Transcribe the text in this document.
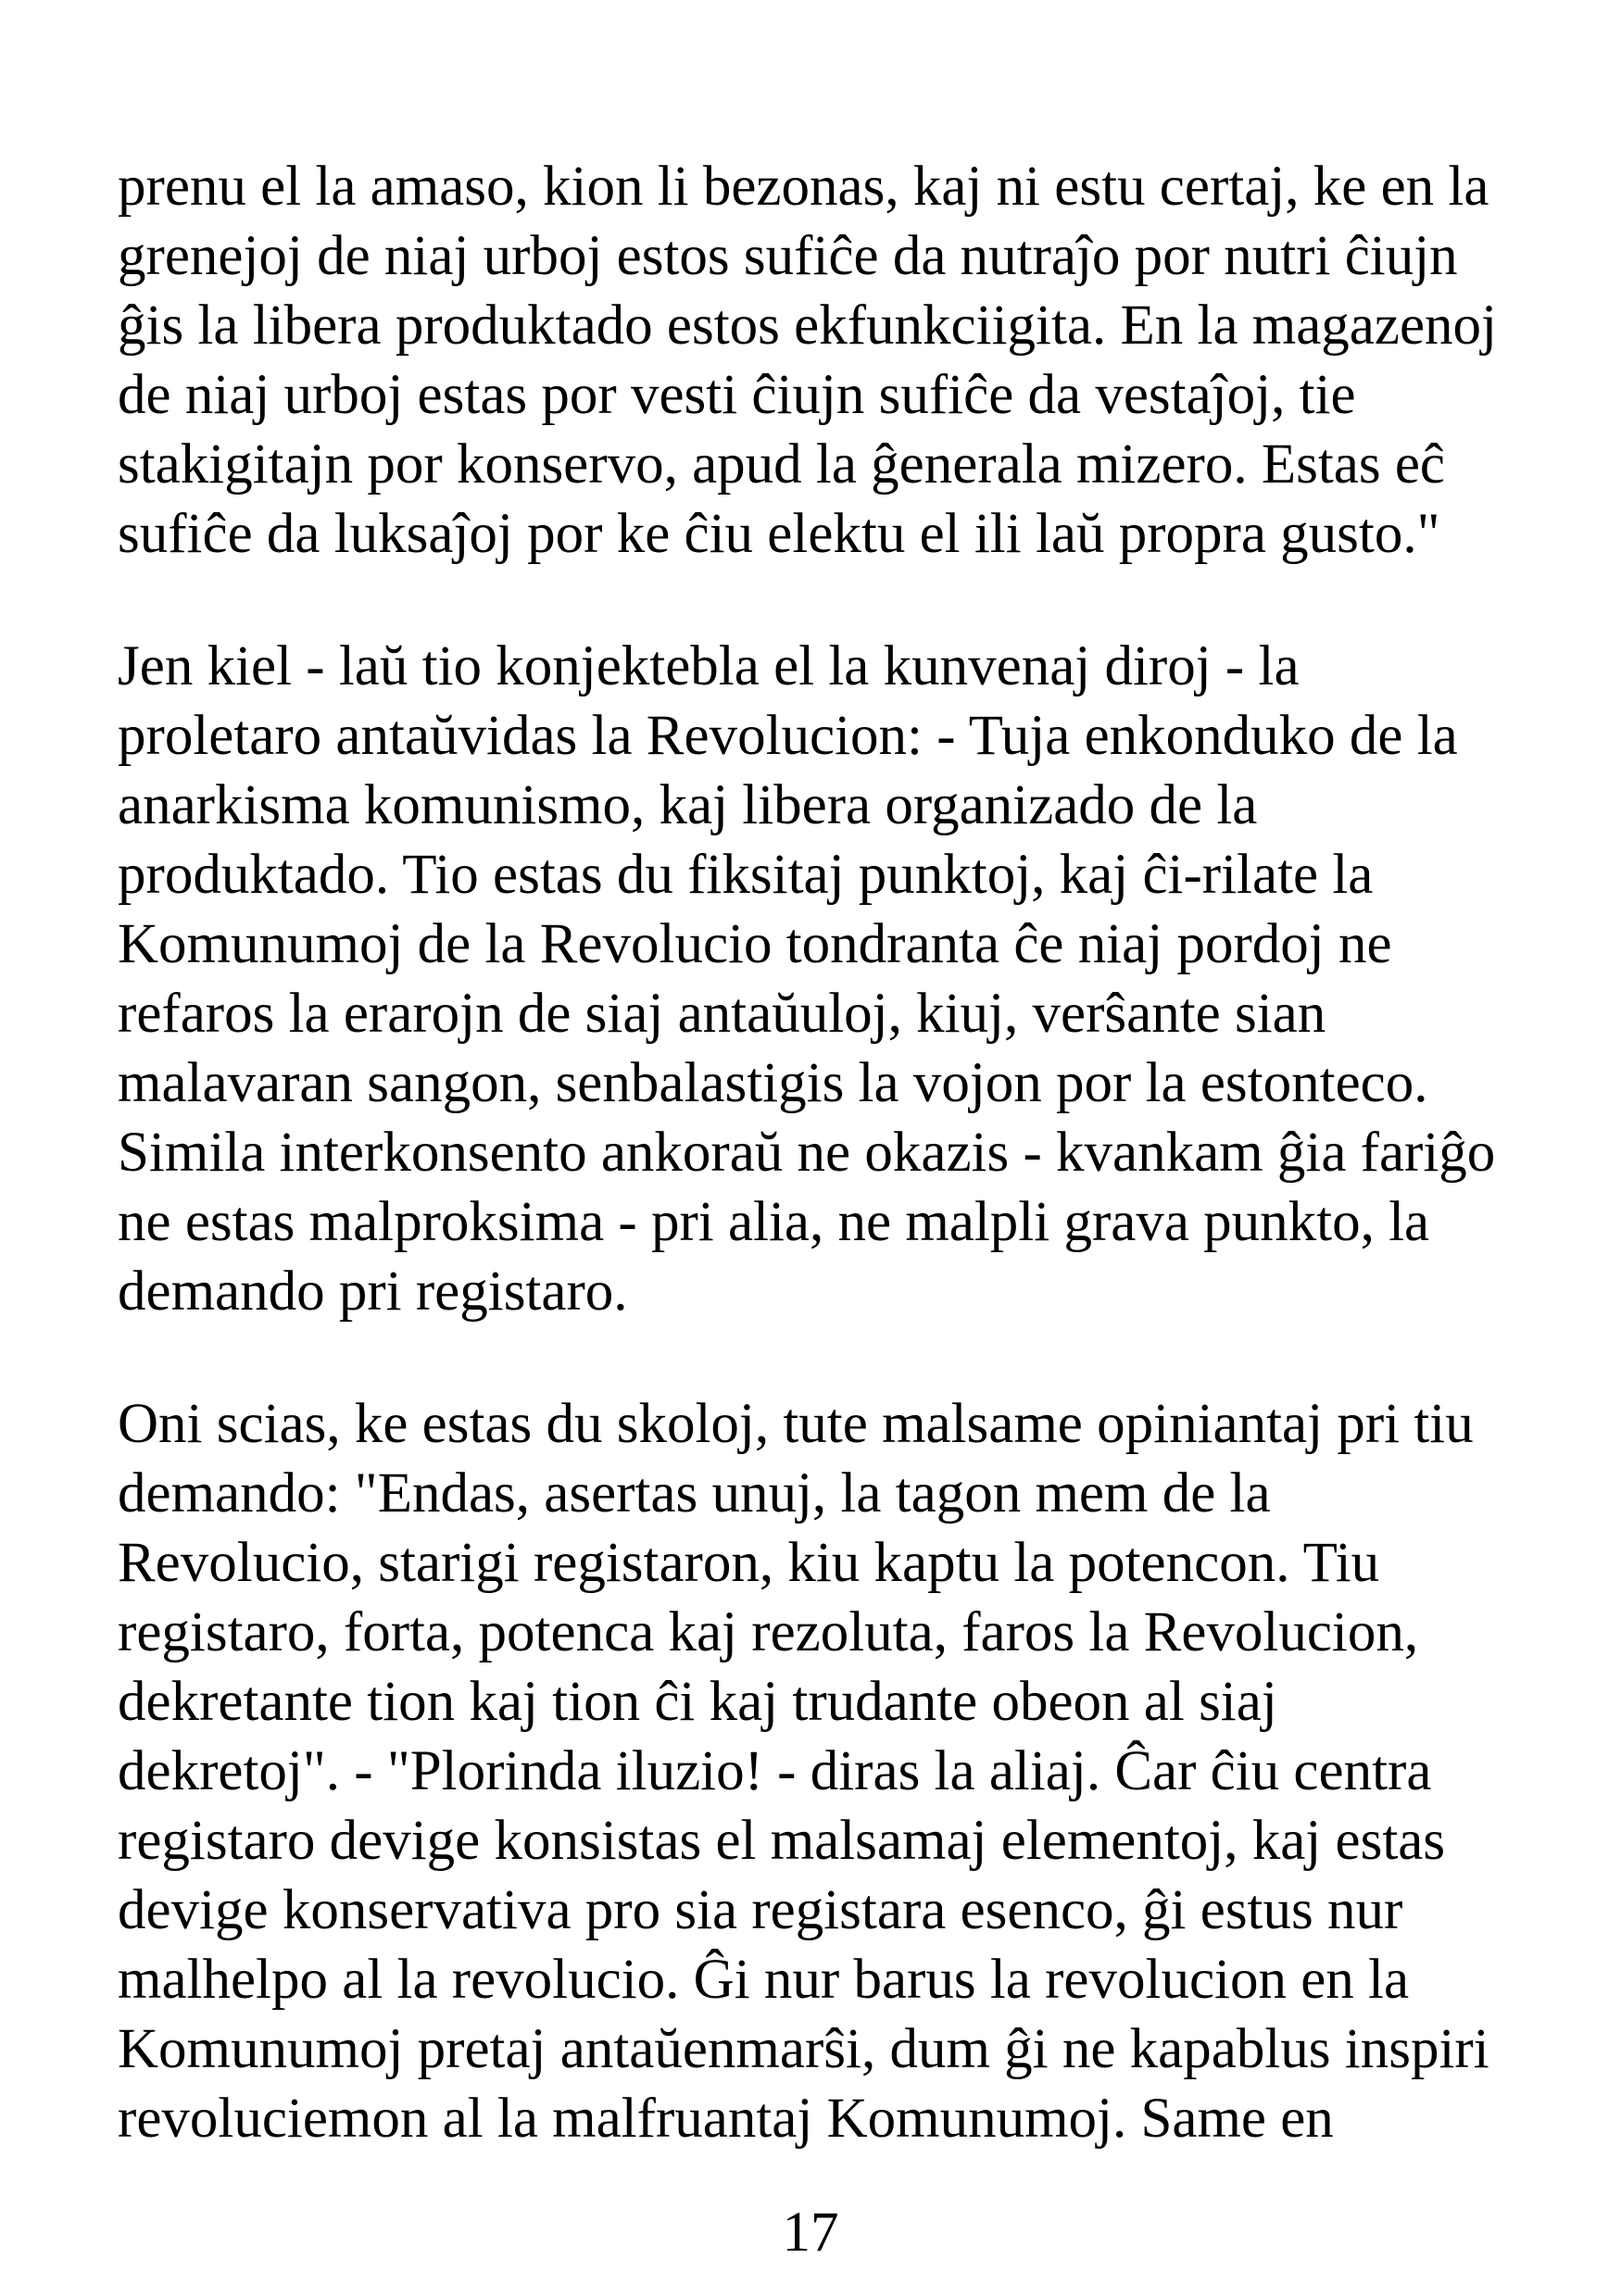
prenu el la amaso, kion li bezonas, kaj ni estu certaj, ke en la
grenejoj de niaj urboj estos sufiĉe da nutraĵo por nutri ĉiujn
ĝis la libera produktado estos ekfunkciigita. En la magazenoj
de niaj urboj estas por vesti ĉiujn sufiĉe da vestaĵoj, tie
stakigitajn por konservo, apud la ĝenerala mizero. Estas eĉ
sufiĉe da luksaĵoj por ke ĉiu elektu el ili laŭ propra gusto."
Jen kiel - laŭ tio konjektebla el la kunvenaj diroj - la
proletaro antaŭvidas la Revolucion: - Tuja enkonduko de la
anarkisma komunismo, kaj libera organizado de la
produktado. Tio estas du fiksitaj punktoj, kaj ĉi-rilate la
Komunumoj de la Revolucio tondranta ĉe niaj pordoj ne
refaros la erarojn de siaj antaŭuloj, kiuj, verŝante sian
malavaran sangon, senbalastigis la vojon por la estonteco.
Simila interkonsento ankoraŭ ne okazis - kvankam ĝia fariĝo
ne estas malproksima - pri alia, ne malpli grava punkto, la
demando pri registaro.
Oni scias, ke estas du skoloj, tute malsame opiniantaj pri tiu
demando: "Endas, asertas unuj, la tagon mem de la
Revolucio, starigi registaron, kiu kaptu la potencon. Tiu
registaro, forta, potenca kaj rezoluta, faros la Revolucion,
dekretante tion kaj tion ĉi kaj trudante obeon al siaj
dekretoj". - "Plorinda iluzio! - diras la aliaj. Ĉar ĉiu centra
registaro devige konsistas el malsamaj elementoj, kaj estas
devige konservativa pro sia registara esenco, ĝi estus nur
malhelpo al la revolucio. Ĝi nur barus la revolucion en la
Komunumoj pretaj antaŭenmarŝi, dum ĝi ne kapablus inspiri
revoluciemon al la malfruantaj Komunumoj. Same en
17
